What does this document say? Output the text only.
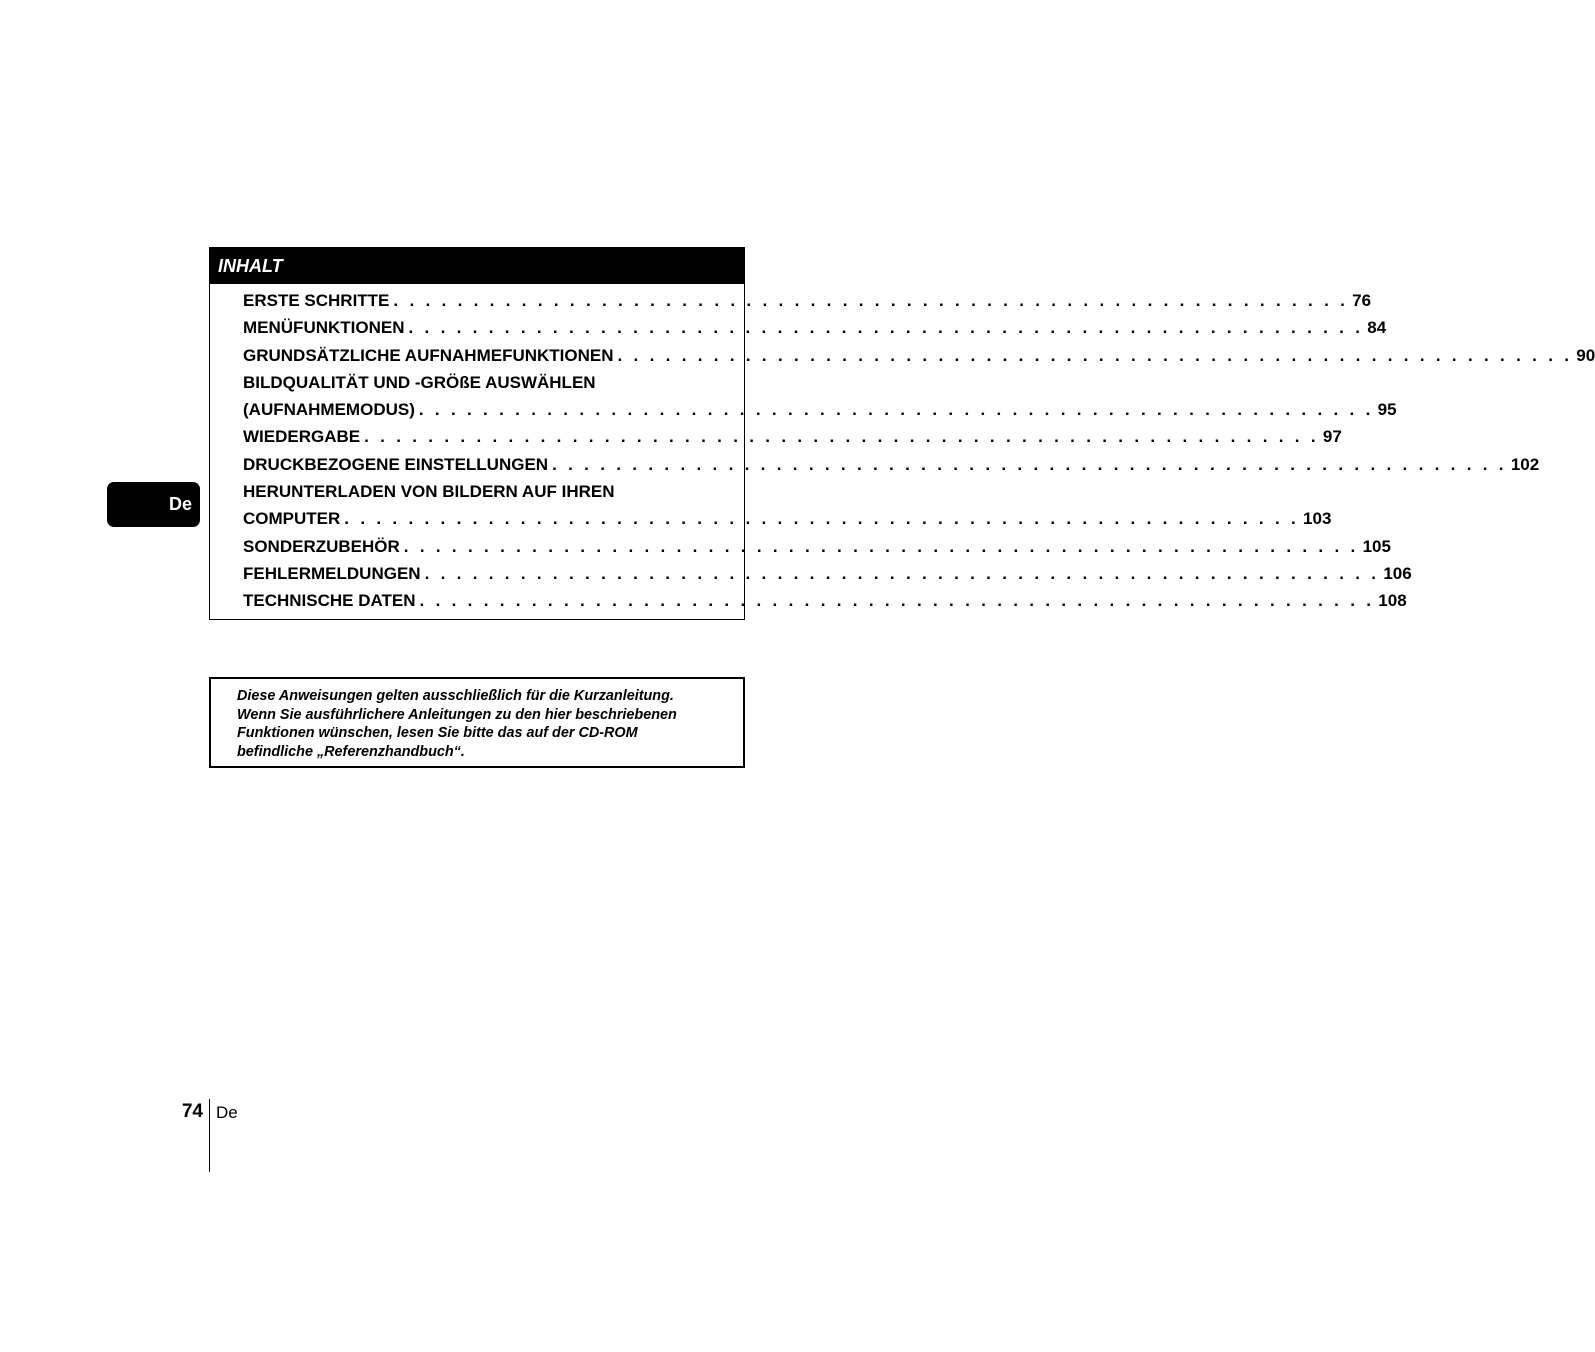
De
INHALT
ERSTE SCHRITTE . . . . . . . . . . . . . . . . . . . . . . . . . . . . . . . . . . . . . . . . . . . . . . . . . . . . . . . . . . . . 76
MENÜFUNKTIONEN . . . . . . . . . . . . . . . . . . . . . . . . . . . . . . . . . . . . . . . . . . . . . . . . . . . . . . . . . . . . 84
GRUNDSÄTZLICHE AUFNAHMEFUNKTIONEN . . . . . . . . . . . . . . . . . . . . . . . . . . . . . . . . . . . . . . . . . . . . . . . . . . . . . . . . . . . . 90
BILDQUALITÄT UND -GRÖßE AUSWÄHLEN
(AUFNAHMEMODUS) . . . . . . . . . . . . . . . . . . . . . . . . . . . . . . . . . . . . . . . . . . . . . . . . . . . . . . . . . . . . 95
WIEDERGABE . . . . . . . . . . . . . . . . . . . . . . . . . . . . . . . . . . . . . . . . . . . . . . . . . . . . . . . . . . . . 97
DRUCKBEZOGENE EINSTELLUNGEN . . . . . . . . . . . . . . . . . . . . . . . . . . . . . . . . . . . . . . . . . . . . . . . . . . . . . . . . . . . . 102
HERUNTERLADEN VON BILDERN AUF IHREN
COMPUTER . . . . . . . . . . . . . . . . . . . . . . . . . . . . . . . . . . . . . . . . . . . . . . . . . . . . . . . . . . . . 103
SONDERZUBEHÖR . . . . . . . . . . . . . . . . . . . . . . . . . . . . . . . . . . . . . . . . . . . . . . . . . . . . . . . . . . . . 105
FEHLERMELDUNGEN . . . . . . . . . . . . . . . . . . . . . . . . . . . . . . . . . . . . . . . . . . . . . . . . . . . . . . . . . . . . 106
TECHNISCHE DATEN . . . . . . . . . . . . . . . . . . . . . . . . . . . . . . . . . . . . . . . . . . . . . . . . . . . . . . . . . . . . 108
Diese Anweisungen gelten ausschließlich für die Kurzanleitung.
Wenn Sie ausführlichere Anleitungen zu den hier beschriebenen
Funktionen wünschen, lesen Sie bitte das auf der CD-ROM
befindliche „Referenzhandbuch“.
74 De
